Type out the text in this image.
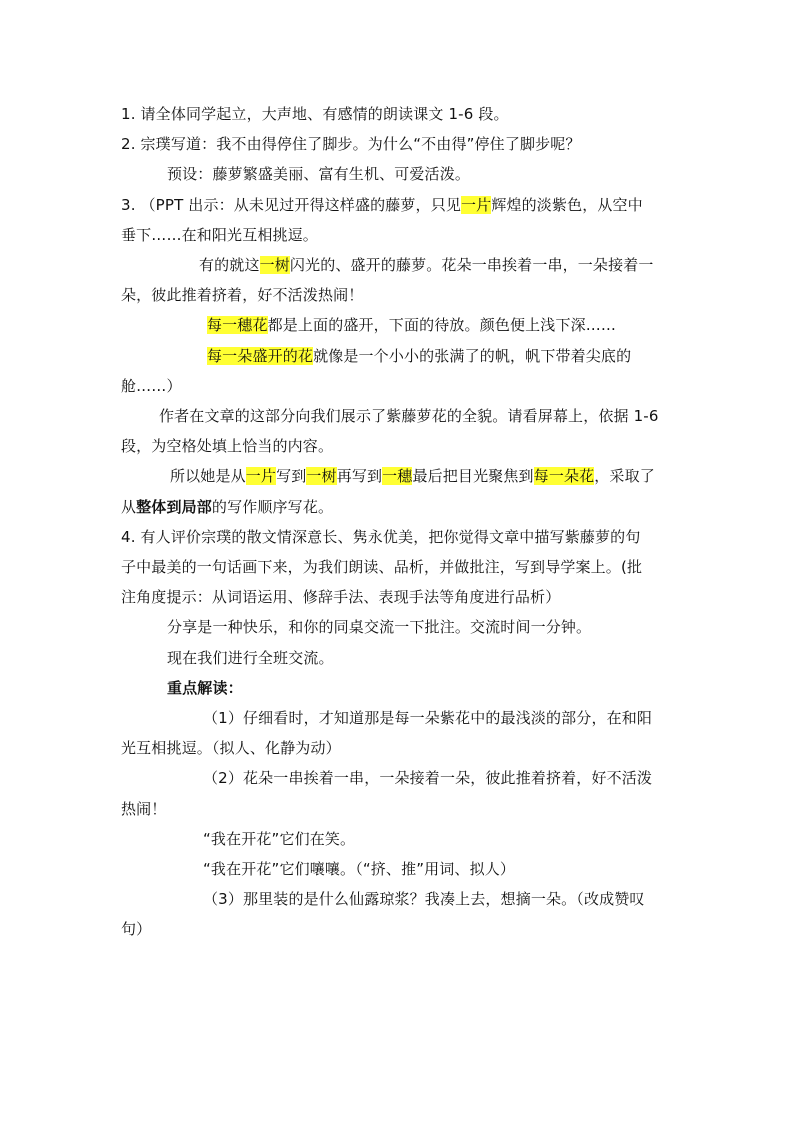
1. 请全体同学起立，大声地、有感情的朗读课文 1-6 段。
2. 宗璞写道：我不由得停住了脚步。为什么“不由得”停住了脚步呢？
预设：藤萝繁盛美丽、富有生机、可爱活泼。
3. （PPT 出示：从未见过开得这样盛的藤萝，只见一片辉煌的淡紫色，从空中
垂下……在和阳光互相挑逗。
有的就这一树闪光的、盛开的藤萝。花朵一串挨着一串，一朵接着一
朵，彼此推着挤着，好不活泼热闹！
每一穗花都是上面的盛开，下面的待放。颜色便上浅下深……
每一朵盛开的花就像是一个小小的张满了的帆，帆下带着尖底的
舱……）
作者在文章的这部分向我们展示了紫藤萝花的全貌。请看屏幕上，依据 1-6
段，为空格处填上恰当的内容。
所以她是从一片写到一树再写到一穗最后把目光聚焦到每一朵花，采取了
从整体到局部的写作顺序写花。
4. 有人评价宗璞的散文情深意长、隽永优美，把你觉得文章中描写紫藤萝的句
子中最美的一句话画下来，为我们朗读、品析，并做批注，写到导学案上。(批
注角度提示：从词语运用、修辞手法、表现手法等角度进行品析）
分享是一种快乐，和你的同桌交流一下批注。交流时间一分钟。
现在我们进行全班交流。
重点解读：
（1）仔细看时，才知道那是每一朵紫花中的最浅淡的部分，在和阳
光互相挑逗。（拟人、化静为动）
（2）花朵一串挨着一串，一朵接着一朵，彼此推着挤着，好不活泼
热闹！
“我在开花”它们在笑。
“我在开花”它们嚷嚷。（“挤、推”用词、拟人）
（3）那里装的是什么仙露琼浆？我凑上去，想摘一朵。（改成赞叹
句）
